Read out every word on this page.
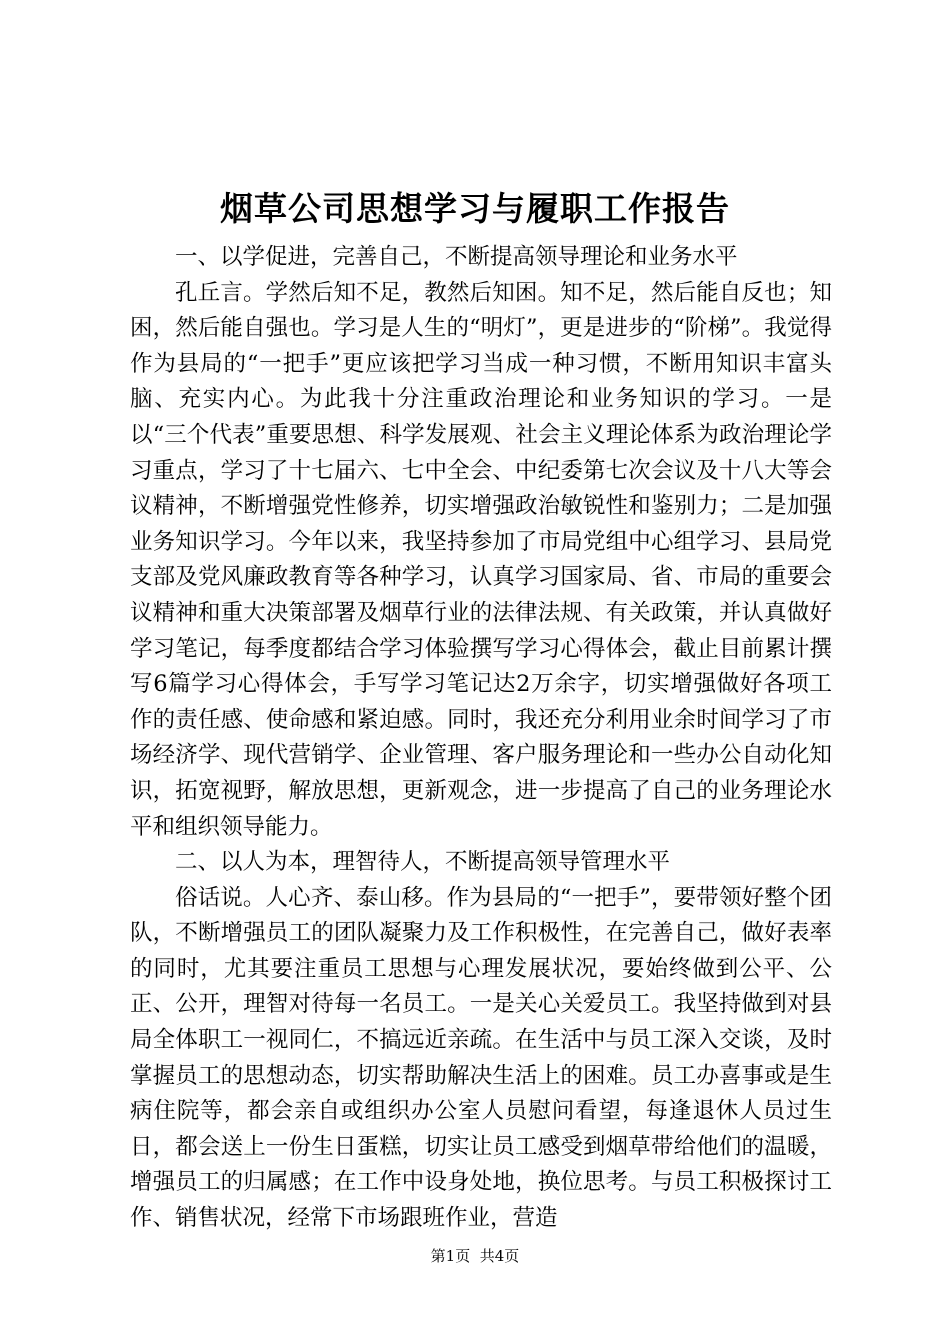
烟草公司思想学习与履职工作报告

一、以学促进，完善自己，不断提高领导理论和业务水平

孔丘言。学然后知不足，教然后知困。知不足，然后能自反也；知困，然后能自强也。学习是人生的“明灯”，更是进步的“阶梯”。我觉得作为县局的“一把手”更应该把学习当成一种习惯，不断用知识丰富头脑、充实内心。为此我十分注重政治理论和业务知识的学习。一是以“三个代表”重要思想、科学发展观、社会主义理论体系为政治理论学习重点，学习了十七届六、七中全会、中纪委第七次会议及十八大等会议精神，不断增强党性修养，切实增强政治敏锐性和鉴别力；二是加强业务知识学习。今年以来，我坚持参加了市局党组中心组学习、县局党支部及党风廉政教育等各种学习，认真学习国家局、省、市局的重要会议精神和重大决策部署及烟草行业的法律法规、有关政策，并认真做好学习笔记，每季度都结合学习体验撰写学习心得体会，截止目前累计撰写6篇学习心得体会，手写学习笔记达2万余字，切实增强做好各项工作的责任感、使命感和紧迫感。同时，我还充分利用业余时间学习了市场经济学、现代营销学、企业管理、客户服务理论和一些办公自动化知识，拓宽视野，解放思想，更新观念，进一步提高了自己的业务理论水平和组织领导能力。

二、以人为本，理智待人，不断提高领导管理水平

俗话说。人心齐、泰山移。作为县局的“一把手”，要带领好整个团队，不断增强员工的团队凝聚力及工作积极性，在完善自己，做好表率的同时，尤其要注重员工思想与心理发展状况，要始终做到公平、公正、公开，理智对待每一名员工。一是关心关爱员工。我坚持做到对县局全体职工一视同仁，不搞远近亲疏。在生活中与员工深入交谈，及时掌握员工的思想动态，切实帮助解决生活上的困难。员工办喜事或是生病住院等，都会亲自或组织办公室人员慰问看望，每逢退休人员过生日，都会送上一份生日蛋糕，切实让员工感受到烟草带给他们的温暖，增强员工的归属感；在工作中设身处地，换位思考。与员工积极探讨工作、销售状况，经常下市场跟班作业，营造

第1页 共4页
